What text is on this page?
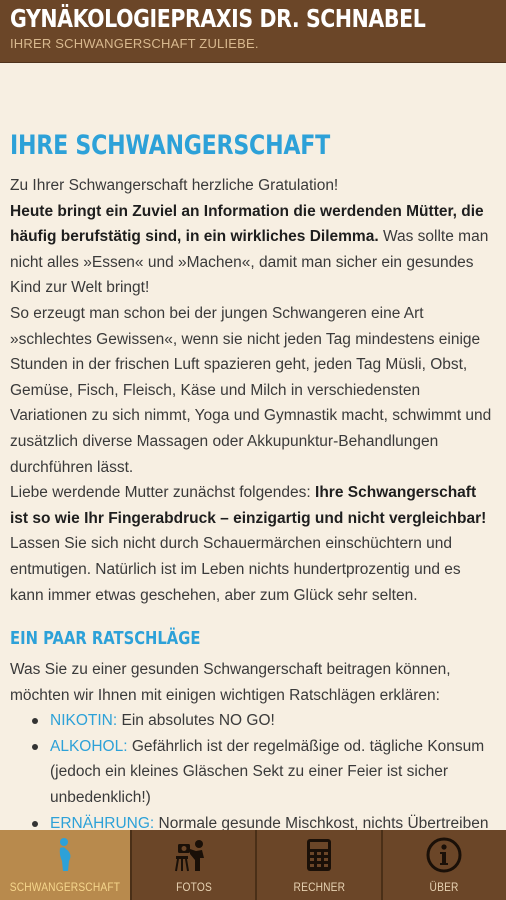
GYNÄKOLOGIEPRAXIS DR. SCHNABEL
IHRER SCHWANGERSCHAFT ZULIEBE.
IHRE SCHWANGERSCHAFT

Zu Ihrer Schwangerschaft herzliche Gratulation!
Heute bringt ein Zuviel an Information die werdenden Mütter, die häufig berufstätig sind, in ein wirkliches Dilemma. Was sollte man nicht alles »Essen« und »Machen«, damit man sicher ein gesundes Kind zur Welt bringt!

So erzeugt man schon bei der jungen Schwangeren eine Art »schlechtes Gewissen«, wenn sie nicht jeden Tag mindestens einige Stunden in der frischen Luft spazieren geht, jeden Tag Müsli, Obst, Gemüse, Fisch, Fleisch, Käse und Milch in verschiedensten Variationen zu sich nimmt, Yoga und Gymnastik macht, schwimmt und zusätzlich diverse Massagen oder Akkupunktur-Behandlungen durchführen lässt.

Liebe werdende Mutter zunächst folgendes: Ihre Schwangerschaft ist so wie Ihr Fingerabdruck – einzigartig und nicht vergleichbar!

Lassen Sie sich nicht durch Schauermärchen einschüchtern und entmutigen. Natürlich ist im Leben nichts hundertprozentig und es kann immer etwas geschehen, aber zum Glück sehr selten.

EIN PAAR RATSCHLÄGE

Was Sie zu einer gesunden Schwangerschaft beitragen können, möchten wir Ihnen mit einigen wichtigen Ratschlägen erklären:

NIKOTIN: Ein absolutes NO GO!
ALKOHOL: Gefährlich ist der regelmäßige od. tägliche Konsum (jedoch ein kleines Gläschen Sekt zu einer Feier ist sicher unbedenklich!)
ERNÄHRUNG: Normale gesunde Mischkost, nichts Übertreiben
SCHWANGERSCHAFT	FOTOS	RECHNER	ÜBER
